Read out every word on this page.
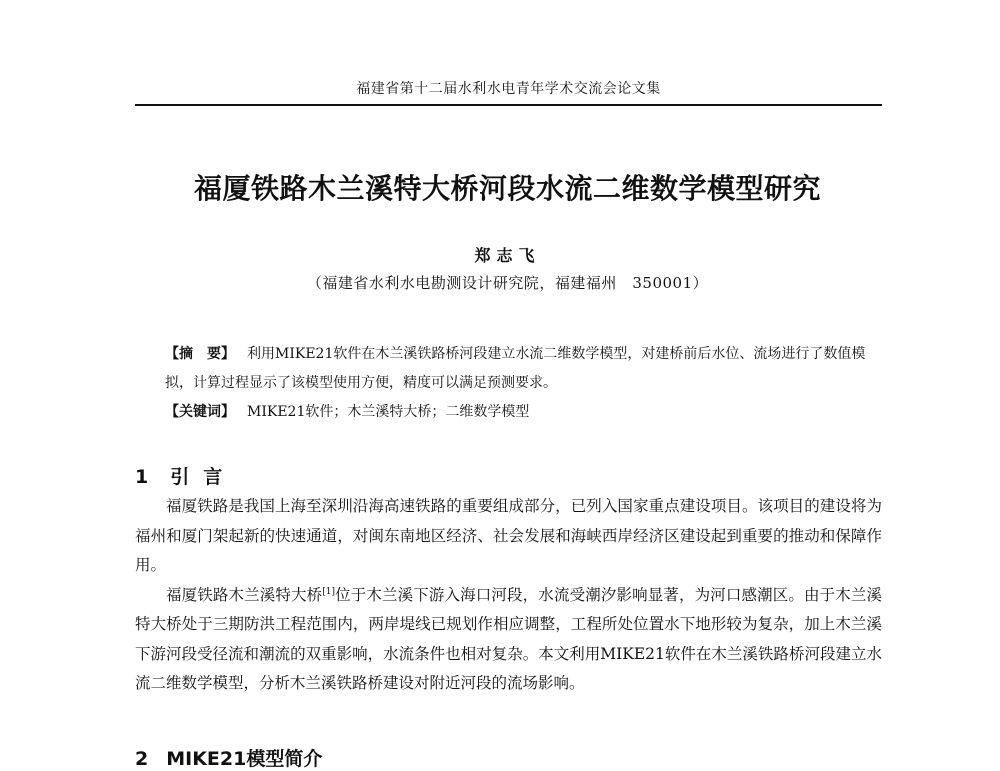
福建省第十二届水利水电青年学术交流会论文集
福厦铁路木兰溪特大桥河段水流二维数学模型研究
郑志飞
（福建省水利水电勘测设计研究院，福建福州　350001）

【摘　要】 利用MIKE21软件在木兰溪铁路桥河段建立水流二维数学模型，对建桥前后水位、流场进行了数值模拟，计算过程显示了该模型使用方便，精度可以满足预测要求。

【关键词】 MIKE21软件；木兰溪特大桥；二维数学模型

1 引言

福厦铁路是我国上海至深圳沿海高速铁路的重要组成部分，已列入国家重点建设项目。该项目的建设将为福州和厦门架起新的快速通道，对闽东南地区经济、社会发展和海峡西岸经济区建设起到重要的推动和保障作用。

福厦铁路木兰溪特大桥[1]位于木兰溪下游入海口河段，水流受潮汐影响显著，为河口感潮区。由于木兰溪特大桥处于三期防洪工程范围内，两岸堤线已规划作相应调整，工程所处位置水下地形较为复杂，加上木兰溪下游河段受径流和潮流的双重影响，水流条件也相对复杂。本文利用MIKE21软件在木兰溪铁路桥河段建立水流二维数学模型，分析木兰溪铁路桥建设对附近河段的流场影响。

2 MIKE21模型简介
